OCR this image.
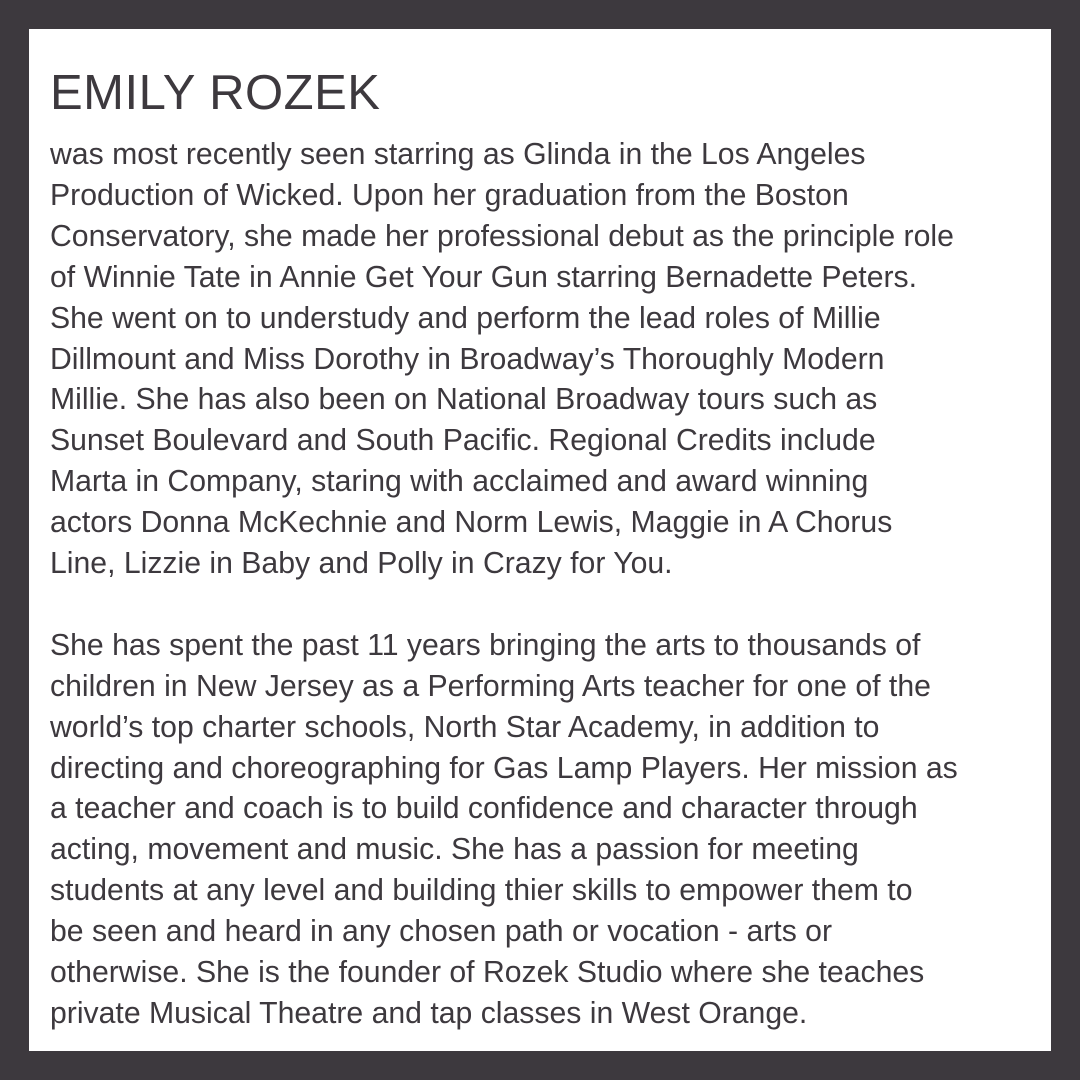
EMILY ROZEK

was most recently seen starring as Glinda in the Los Angeles
Production of Wicked. Upon her graduation from the Boston
Conservatory, she made her professional debut as the principle role
of Winnie Tate in Annie Get Your Gun starring Bernadette Peters.
She went on to understudy and perform the lead roles of Millie
Dillmount and Miss Dorothy in Broadway’s Thoroughly Modern
Millie. She has also been on National Broadway tours such as
Sunset Boulevard and South Pacific. Regional Credits include
Marta in Company, staring with acclaimed and award winning
actors Donna McKechnie and Norm Lewis, Maggie in A Chorus
Line, Lizzie in Baby and Polly in Crazy for You.

She has spent the past 11 years bringing the arts to thousands of
children in New Jersey as a Performing Arts teacher for one of the
world’s top charter schools, North Star Academy, in addition to
directing and choreographing for Gas Lamp Players. Her mission as
a teacher and coach is to build confidence and character through
acting, movement and music. She has a passion for meeting
students at any level and building thier skills to empower them to
be seen and heard in any chosen path or vocation - arts or
otherwise. She is the founder of Rozek Studio where she teaches
private Musical Theatre and tap classes in West Orange.
